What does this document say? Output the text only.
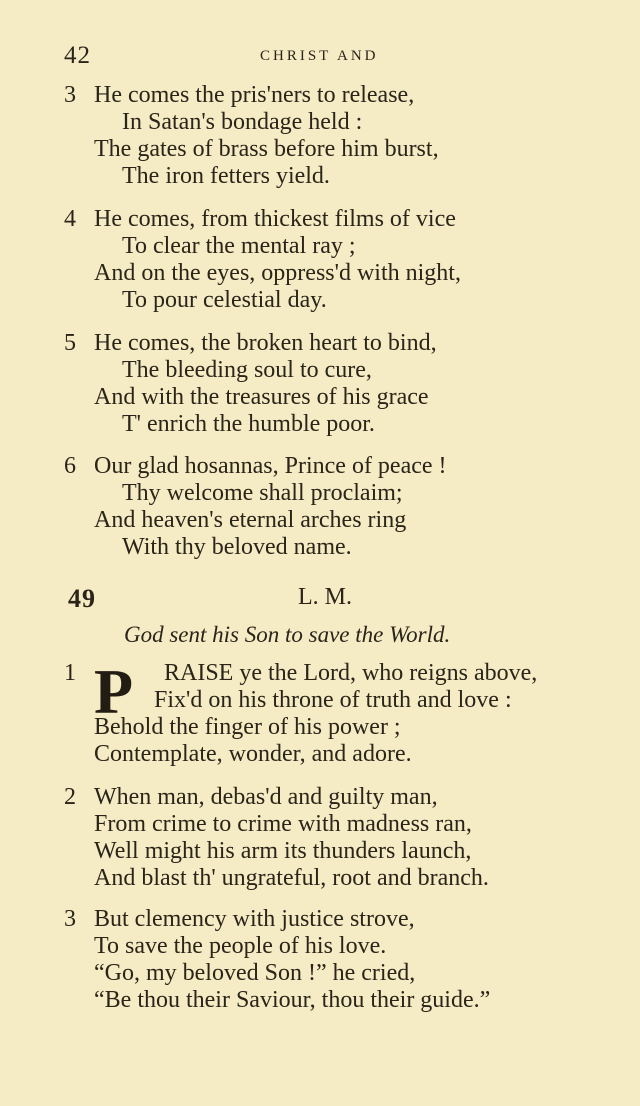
42	CHRIST AND
3 He comes the pris'ners to release,
In Satan's bondage held :
The gates of brass before him burst,
The iron fetters yield.
4 He comes, from thickest films of vice
To clear the mental ray ;
And on the eyes, oppress'd with night,
To pour celestial day.
5 He comes, the broken heart to bind,
The bleeding soul to cure,
And with the treasures of his grace
T' enrich the humble poor.
6 Our glad hosannas, Prince of peace !
Thy welcome shall proclaim;
And heaven's eternal arches ring
With thy beloved name.
49	L. M.
God sent his Son to save the World.
P
1	RAISE ye the Lord, who reigns above,
Fix'd on his throne of truth and love :
Behold the finger of his power ;
Contemplate, wonder, and adore.
2 When man, debas'd and guilty man,
From crime to crime with madness ran,
Well might his arm its thunders launch,
And blast th' ungrateful, root and branch.
3 But clemency with justice strove,
To save the people of his love.
“Go, my beloved Son !” he cried,
“Be thou their Saviour, thou their guide.”
